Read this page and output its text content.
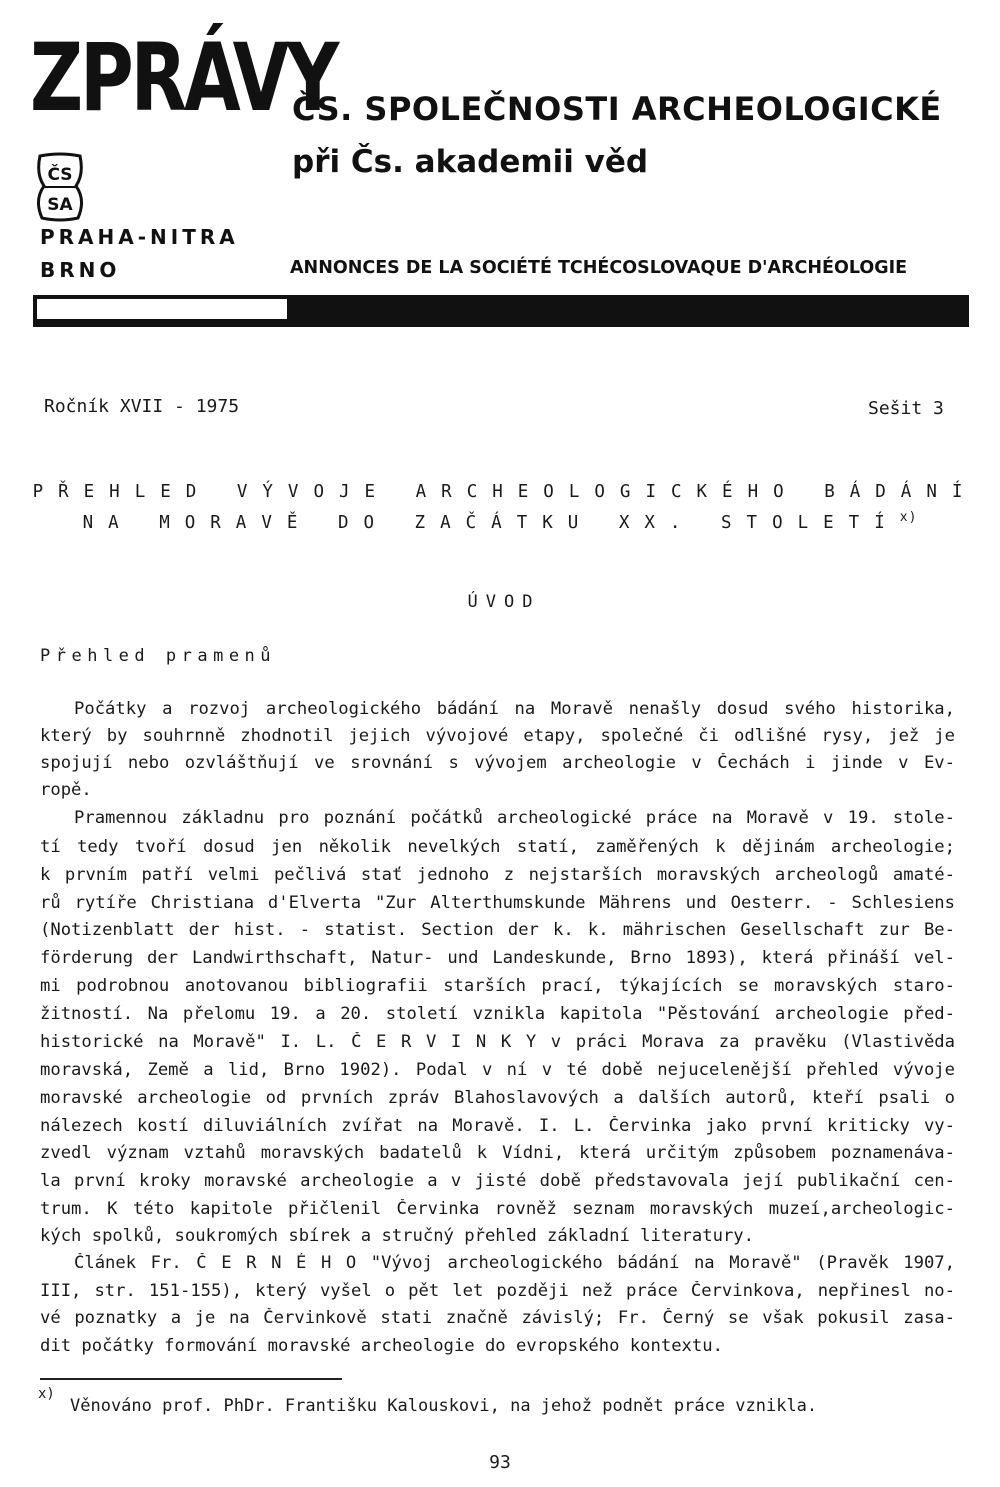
ZPRÁVY
ČS. SPOLEČNOSTI ARCHEOLOGICKÉ
při Čs. akademii věd
ČS
SA
PRAHA-NITRA
BRNO	ANNONCES DE LA SOCIÉTÉ TCHÉCOSLOVAQUE D'ARCHÉOLOGIE
Ročník XVII - 1975	Sešit 3
PŘEHLED VÝVOJE ARCHEOLOGICKÉHO BÁDÁNÍ
NA MORAVĚ DO ZAČÁTKU XX. STOLETÍ$^{x)}$
ÚVOD
Přehled pramenů
Počátky a rozvoj archeologického bádání na Moravě nenašly dosud svého historika,
který by souhrnně zhodnotil jejich vývojové etapy, společné či odlišné rysy, jež je
spojují nebo ozvláštňují ve srovnání s vývojem archeologie v Čechách i jinde v Ev-
ropě.
Pramennou základnu pro poznání počátků archeologické práce na Moravě v 19. stole-
tí tedy tvoří dosud jen několik nevelkých statí, zaměřených k dějinám archeologie;
k prvním patří velmi pečlivá stať jednoho z nejstarších moravských archeologů amaté-
rů rytíře Christiana d'Elverta "Zur Alterthumskunde Mährens und Oesterr. - Schlesiens
(Notizenblatt der hist. - statist. Section der k. k. mährischen Gesellschaft zur Be-
förderung der Landwirthschaft, Natur- und Landeskunde, Brno 1893), která přináší vel-
mi podrobnou anotovanou bibliografii starších prací, týkajících se moravských staro-
žitností. Na přelomu 19. a 20. století vznikla kapitola "Pěstování archeologie před-
historické na Moravě" I. L. Č E R V I N K Y v práci Morava za pravěku (Vlastivěda
moravská, Země a lid, Brno 1902). Podal v ní v té době nejucelenější přehled vývoje
moravské archeologie od prvních zpráv Blahoslavových a dalších autorů, kteří psali o
nálezech kostí diluviálních zvířat na Moravě. I. L. Červinka jako první kriticky vy-
zvedl význam vztahů moravských badatelů k Vídni, která určitým způsobem poznamenáva-
la první kroky moravské archeologie a v jisté době představovala její publikační cen-
trum. K této kapitole přičlenil Červinka rovněž seznam moravských muzeí,archeologic-
kých spolků, soukromých sbírek a stručný přehled základní literatury.
Článek Fr. Č E R N É H O "Vývoj archeologického bádání na Moravě" (Pravěk 1907,
III, str. 151-155), který vyšel o pět let později než práce Červinkova, nepřinesl no-
vé poznatky a je na Červinkově stati značně závislý; Fr. Černý se však pokusil zasa-
dit počátky formování moravské archeologie do evropského kontextu.
x)
Věnováno prof. PhDr. Františku Kalouskovi, na jehož podnět práce vznikla.
93
